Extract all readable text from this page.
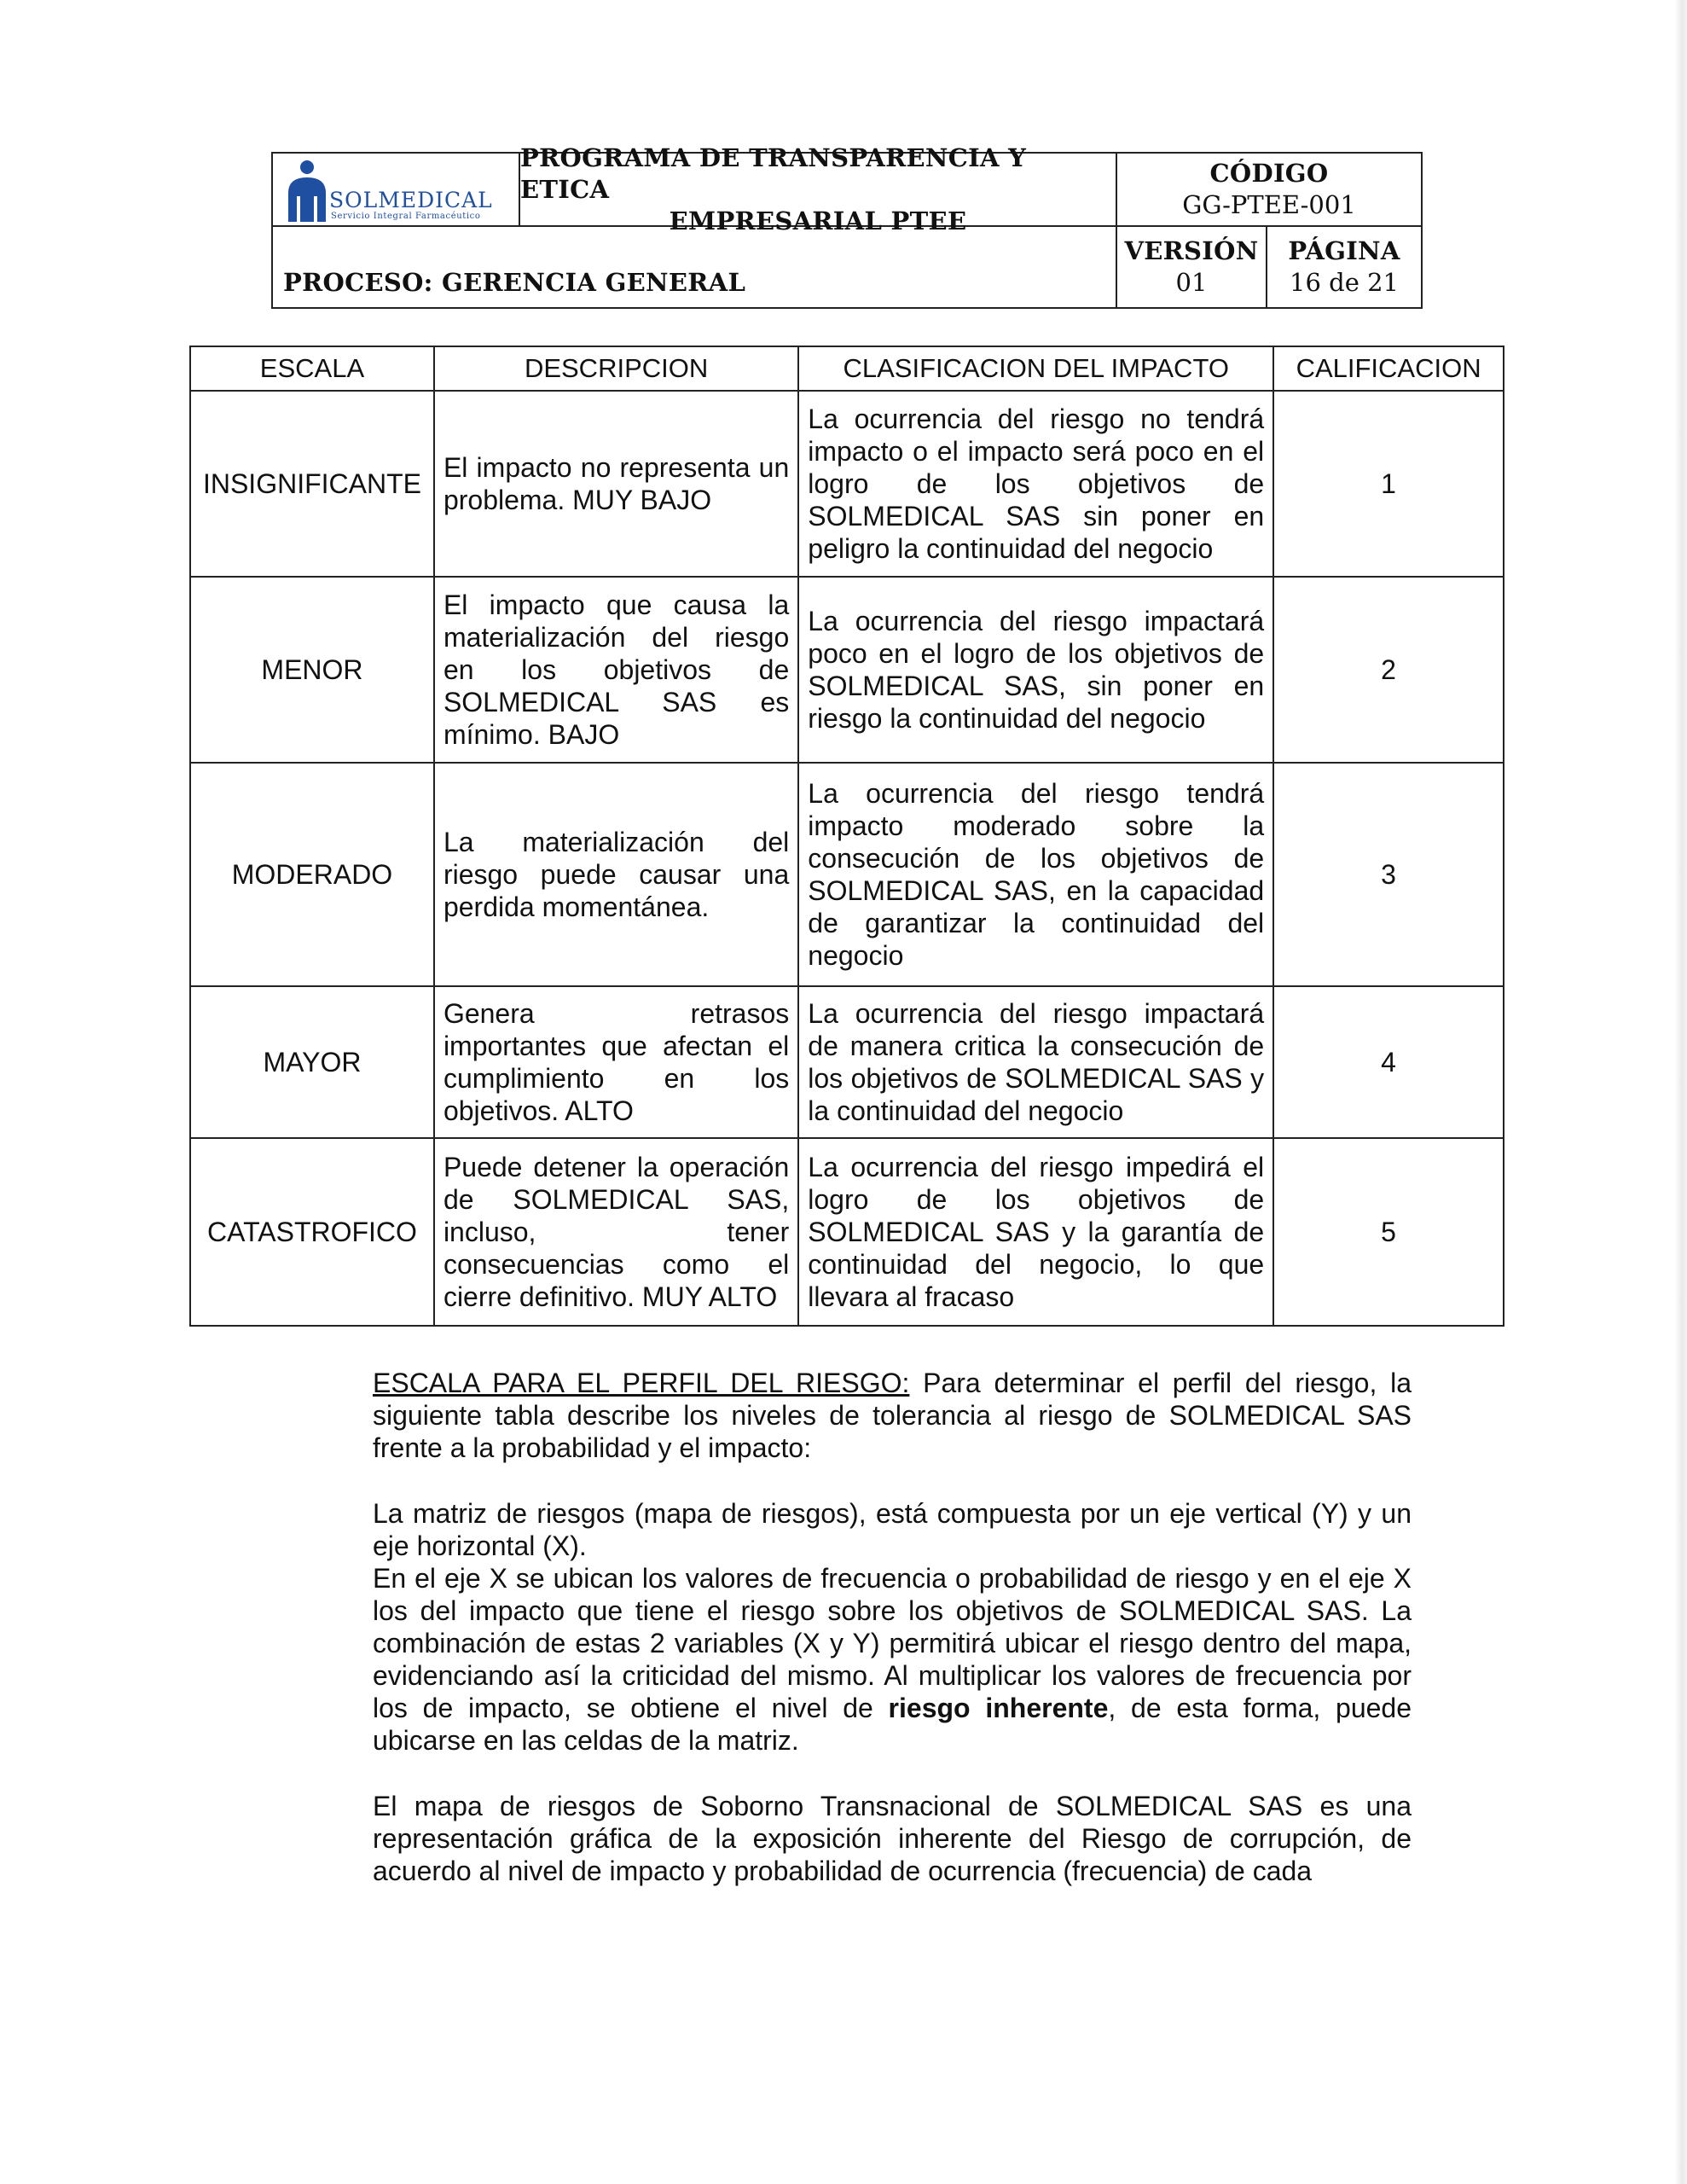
SOLMEDICAL
Servicio Integral Farmacéutico
PROGRAMA DE TRANSPARENCIA Y ETICA
EMPRESARIAL PTEE
CÓDIGO
GG-PTEE-001
PROCESO: GERENCIA GENERAL
VERSIÓN
01
PÁGINA
16 de 21
ESCALA	DESCRIPCION	CLASIFICACION DEL IMPACTO	CALIFICACION
INSIGNIFICANTE	El impacto no representa un problema. MUY BAJO	La ocurrencia del riesgo no tendrá impacto o el impacto será poco en el logro de los objetivos de SOLMEDICAL SAS sin poner en peligro la continuidad del negocio	1
MENOR	El impacto que causa la materialización del riesgo en los objetivos de SOLMEDICAL SAS es mínimo. BAJO	La ocurrencia del riesgo impactará poco en el logro de los objetivos de SOLMEDICAL SAS, sin poner en riesgo la continuidad del negocio	2
MODERADO	La materialización del riesgo puede causar una perdida momentánea.	La ocurrencia del riesgo tendrá impacto moderado sobre la consecución de los objetivos de SOLMEDICAL SAS, en la capacidad de garantizar la continuidad del negocio	3
MAYOR	Genera retrasos importantes que afectan el cumplimiento en los objetivos. ALTO	La ocurrencia del riesgo impactará de manera critica la consecución de los objetivos de SOLMEDICAL SAS y la continuidad del negocio	4
CATASTROFICO	Puede detener la operación de SOLMEDICAL SAS, incluso, tener consecuencias como el cierre definitivo. MUY ALTO	La ocurrencia del riesgo impedirá el logro de los objetivos de SOLMEDICAL SAS y la garantía de continuidad del negocio, lo que llevara al fracaso	5

ESCALA PARA EL PERFIL DEL RIESGO: Para determinar el perfil del riesgo, la siguiente tabla describe los niveles de tolerancia al riesgo de SOLMEDICAL SAS frente a la probabilidad y el impacto:

La matriz de riesgos (mapa de riesgos), está compuesta por un eje vertical (Y) y un eje horizontal (X).

En el eje X se ubican los valores de frecuencia o probabilidad de riesgo y en el eje X los del impacto que tiene el riesgo sobre los objetivos de SOLMEDICAL SAS. La combinación de estas 2 variables (X y Y) permitirá ubicar el riesgo dentro del mapa, evidenciando así la criticidad del mismo. Al multiplicar los valores de frecuencia por los de impacto, se obtiene el nivel de riesgo inherente, de esta forma, puede ubicarse en las celdas de la matriz.

El mapa de riesgos de Soborno Transnacional de SOLMEDICAL SAS es una representación gráfica de la exposición inherente del Riesgo de corrupción, de acuerdo al nivel de impacto y probabilidad de ocurrencia (frecuencia) de cada
